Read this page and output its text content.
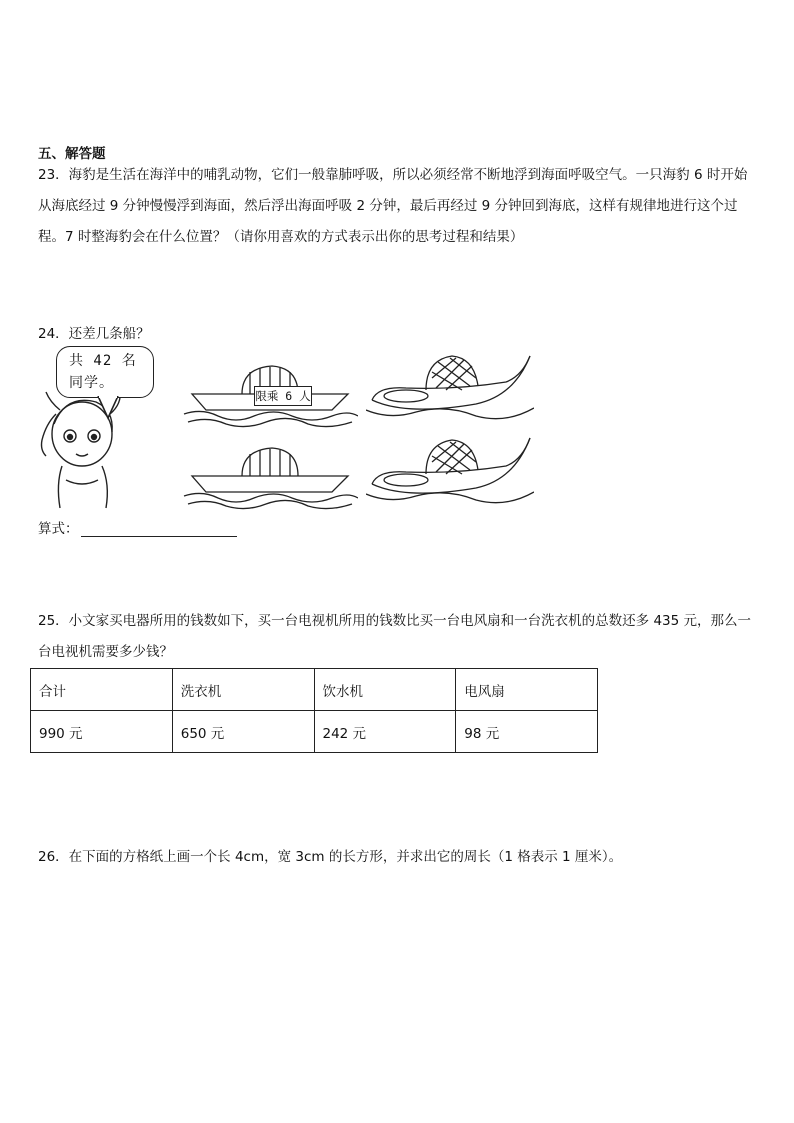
五、解答题
23．海豹是生活在海洋中的哺乳动物，它们一般靠肺呼吸，所以必须经常不断地浮到海面呼吸空气。一只海豹 6 时开始从海底经过 9 分钟慢慢浮到海面，然后浮出海面呼吸 2 分钟，最后再经过 9 分钟回到海底，这样有规律地进行这个过程。7 时整海豹会在什么位置？（请你用喜欢的方式表示出你的思考过程和结果）
24．还差几条船？
共 42 名
同学。
限乘 6 人
算式：
25．小文家买电器所用的钱数如下，买一台电视机所用的钱数比买一台电风扇和一台洗衣机的总数还多 435 元，那么一台电视机需要多少钱？
合计	洗衣机	饮水机	电风扇
990 元	650 元	242 元	98 元
26．在下面的方格纸上画一个长 4cm，宽 3cm 的长方形，并求出它的周长（1 格表示 1 厘米）。
